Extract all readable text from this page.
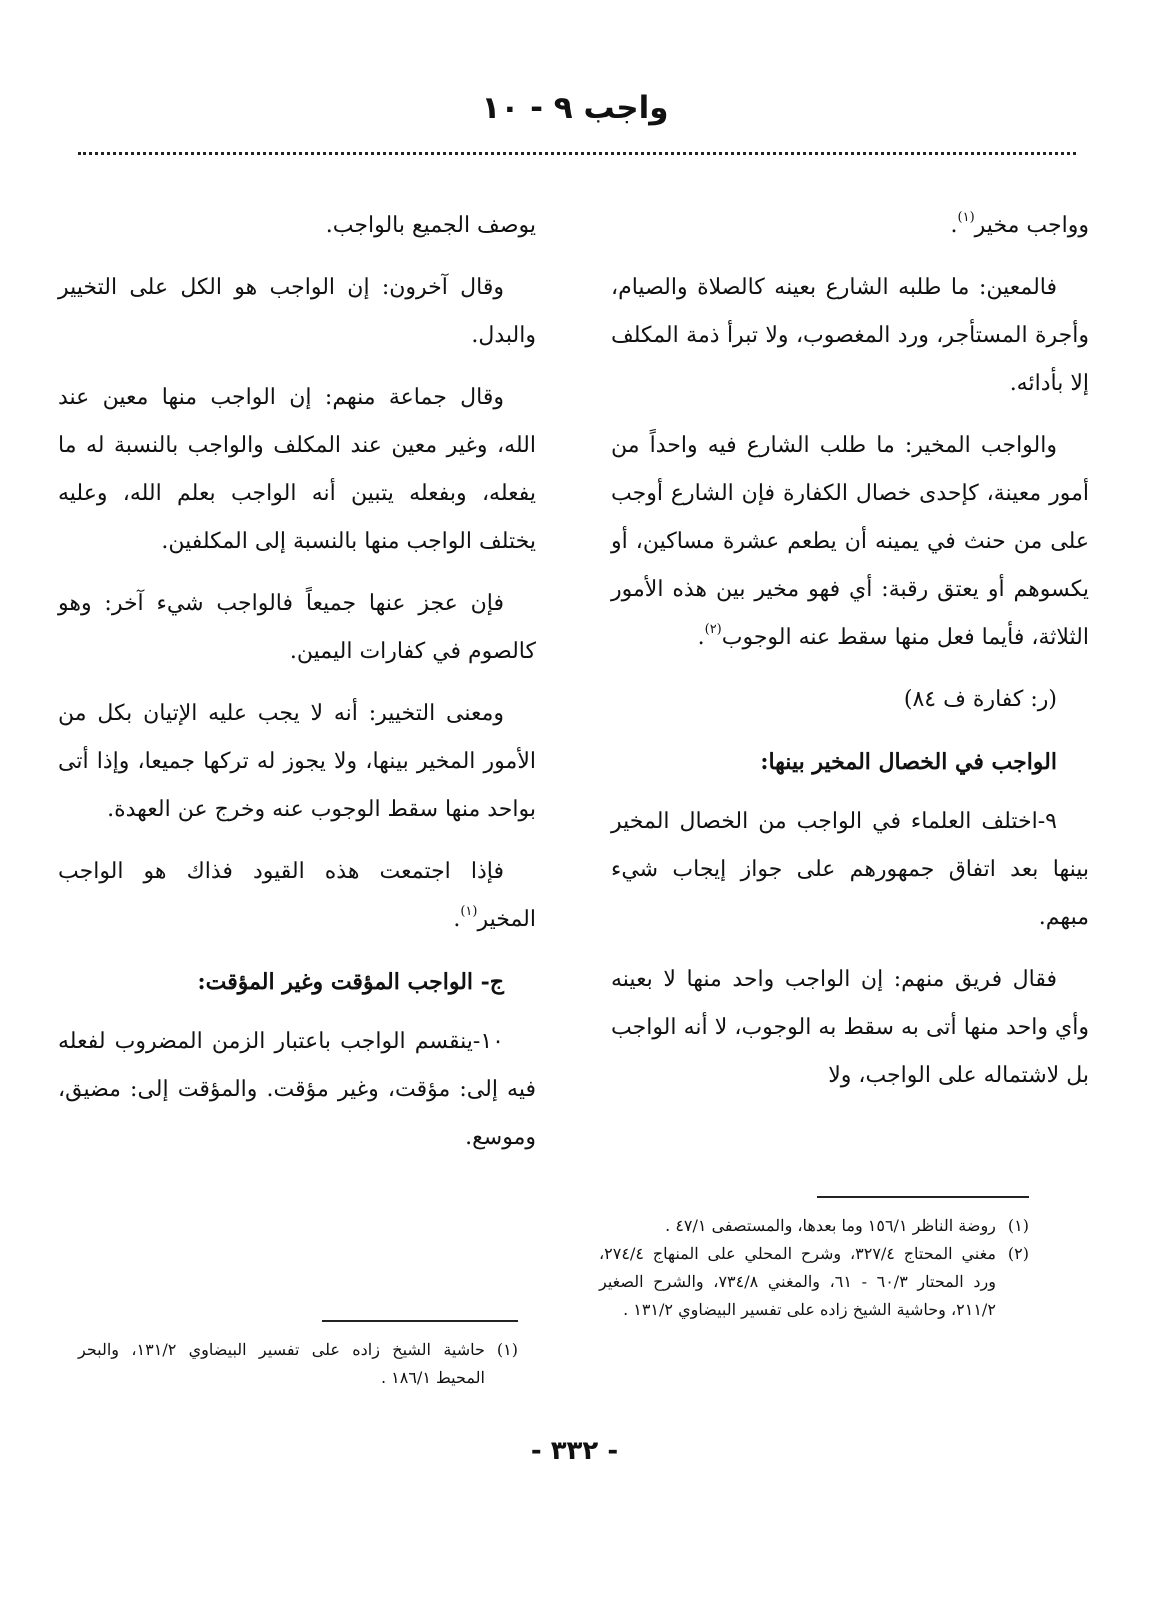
واجب ٩ - ١٠

وواجب مخير$^{(١)}$.

فالمعين: ما طلبه الشارع بعينه كالصلاة والصيام، وأجرة المستأجر، ورد المغصوب، ولا تبرأ ذمة المكلف إلا بأدائه.

والواجب المخير: ما طلب الشارع فيه واحداً من أمور معينة، كإحدى خصال الكفارة فإن الشارع أوجب على من حنث في يمينه أن يطعم عشرة مساكين، أو يكسوهم أو يعتق رقبة: أي فهو مخير بين هذه الأمور الثلاثة، فأيما فعل منها سقط عنه الوجوب$^{(٢)}$.

(ر: كفارة ف ٨٤)

الواجب في الخصال المخير بينها:

٩-اختلف العلماء في الواجب من الخصال المخير بينها بعد اتفاق جمهورهم على جواز إيجاب شيء مبهم.

فقال فريق منهم: إن الواجب واحد منها لا بعينه وأي واحد منها أتى به سقط به الوجوب، لا أنه الواجب بل لاشتماله على الواجب، ولا

يوصف الجميع بالواجب.

وقال آخرون: إن الواجب هو الكل على التخيير والبدل.

وقال جماعة منهم: إن الواجب منها معين عند الله، وغير معين عند المكلف والواجب بالنسبة له ما يفعله، وبفعله يتبين أنه الواجب بعلم الله، وعليه يختلف الواجب منها بالنسبة إلى المكلفين.

فإن عجز عنها جميعاً فالواجب شيء آخر: وهو كالصوم في كفارات اليمين.

ومعنى التخيير: أنه لا يجب عليه الإتيان بكل من الأمور المخير بينها، ولا يجوز له تركها جميعا، وإذا أتى بواحد منها سقط الوجوب عنه وخرج عن العهدة.

فإذا اجتمعت هذه القيود فذاك هو الواجب المخير$^{(١)}$.

ج- الواجب المؤقت وغير المؤقت:

١٠-ينقسم الواجب باعتبار الزمن المضروب لفعله فيه إلى: مؤقت، وغير مؤقت. والمؤقت إلى: مضيق، وموسع.

(١)
روضة الناظر ١٥٦/١ وما بعدها، والمستصفى ٤٧/١ .
(٢)
مغني المحتاج ٣٢٧/٤، وشرح المحلي على المنهاج ٢٧٤/٤، ورد المحتار ٦٠/٣ - ٦١، والمغني ٧٣٤/٨، والشرح الصغير ٢١١/٢، وحاشية الشيخ زاده على تفسير البيضاوي ١٣١/٢ .
(١)
حاشية الشيخ زاده على تفسير البيضاوي ١٣١/٢، والبحر المحيط ١٨٦/١ .
- ٣٣٢ -
